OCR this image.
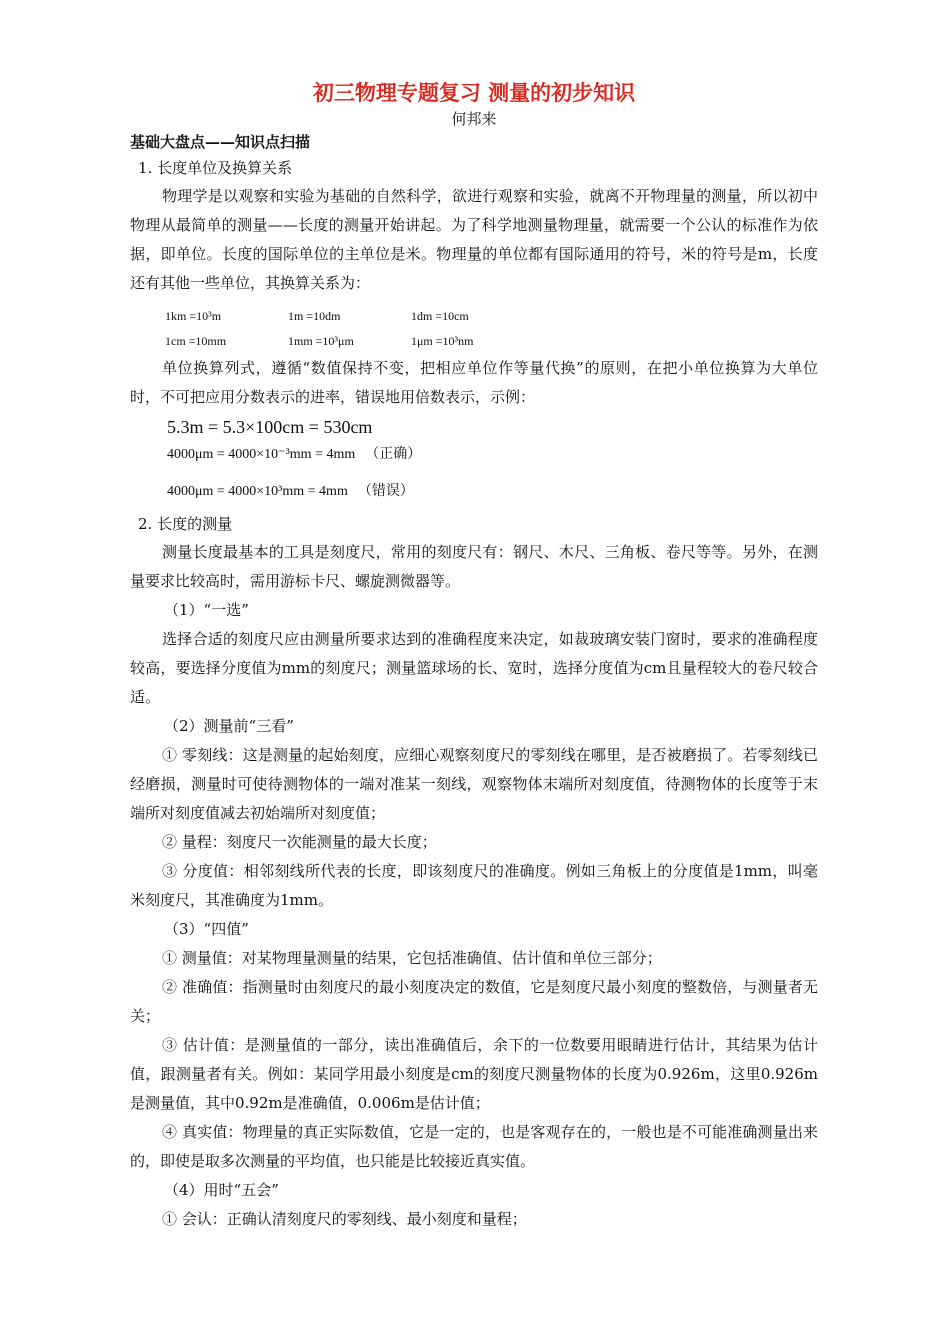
初三物理专题复习 测量的初步知识

何邦来

基础大盘点——知识点扫描

1. 长度单位及换算关系

物理学是以观察和实验为基础的自然科学，欲进行观察和实验，就离不开物理量的测量，所以初中物理从最简单的测量——长度的测量开始讲起。为了科学地测量物理量，就需要一个公认的标准作为依据，即单位。长度的国际单位的主单位是米。物理量的单位都有国际通用的符号，米的符号是m，长度还有其他一些单位，其换算关系为：

1km =10³m	1m =10dm	1dm =10cm
1cm =10mm	1mm =10³μm	1μm =10³nm

单位换算列式，遵循“数值保持不变，把相应单位作等量代换”的原则，在把小单位换算为大单位时，不可把应用分数表示的进率，错误地用倍数表示，示例：

5.3m = 5.3×100cm = 530cm

4000μm = 4000×10⁻³mm = 4mm （正确）

4000μm = 4000×10³mm = 4mm （错误）

2. 长度的测量

测量长度最基本的工具是刻度尺，常用的刻度尺有：钢尺、木尺、三角板、卷尺等等。另外，在测量要求比较高时，需用游标卡尺、螺旋测微器等。

（1）“一选”

选择合适的刻度尺应由测量所要求达到的准确程度来决定，如裁玻璃安装门窗时，要求的准确程度较高，要选择分度值为mm的刻度尺；测量篮球场的长、宽时，选择分度值为cm且量程较大的卷尺较合适。

（2）测量前“三看”

① 零刻线：这是测量的起始刻度，应细心观察刻度尺的零刻线在哪里，是否被磨损了。若零刻线已经磨损，测量时可使待测物体的一端对准某一刻线，观察物体末端所对刻度值，待测物体的长度等于末端所对刻度值减去初始端所对刻度值；

② 量程：刻度尺一次能测量的最大长度；

③ 分度值：相邻刻线所代表的长度，即该刻度尺的准确度。例如三角板上的分度值是1mm，叫毫米刻度尺，其准确度为1mm。

（3）“四值”

① 测量值：对某物理量测量的结果，它包括准确值、估计值和单位三部分；

② 准确值：指测量时由刻度尺的最小刻度决定的数值，它是刻度尺最小刻度的整数倍，与测量者无关；

③ 估计值：是测量值的一部分，读出准确值后，余下的一位数要用眼睛进行估计，其结果为估计值，跟测量者有关。例如：某同学用最小刻度是cm的刻度尺测量物体的长度为0.926m，这里0.926m是测量值，其中0.92m是准确值，0.006m是估计值；

④ 真实值：物理量的真正实际数值，它是一定的，也是客观存在的，一般也是不可能准确测量出来的，即使是取多次测量的平均值，也只能是比较接近真实值。

（4）用时“五会”

① 会认：正确认清刻度尺的零刻线、最小刻度和量程；
